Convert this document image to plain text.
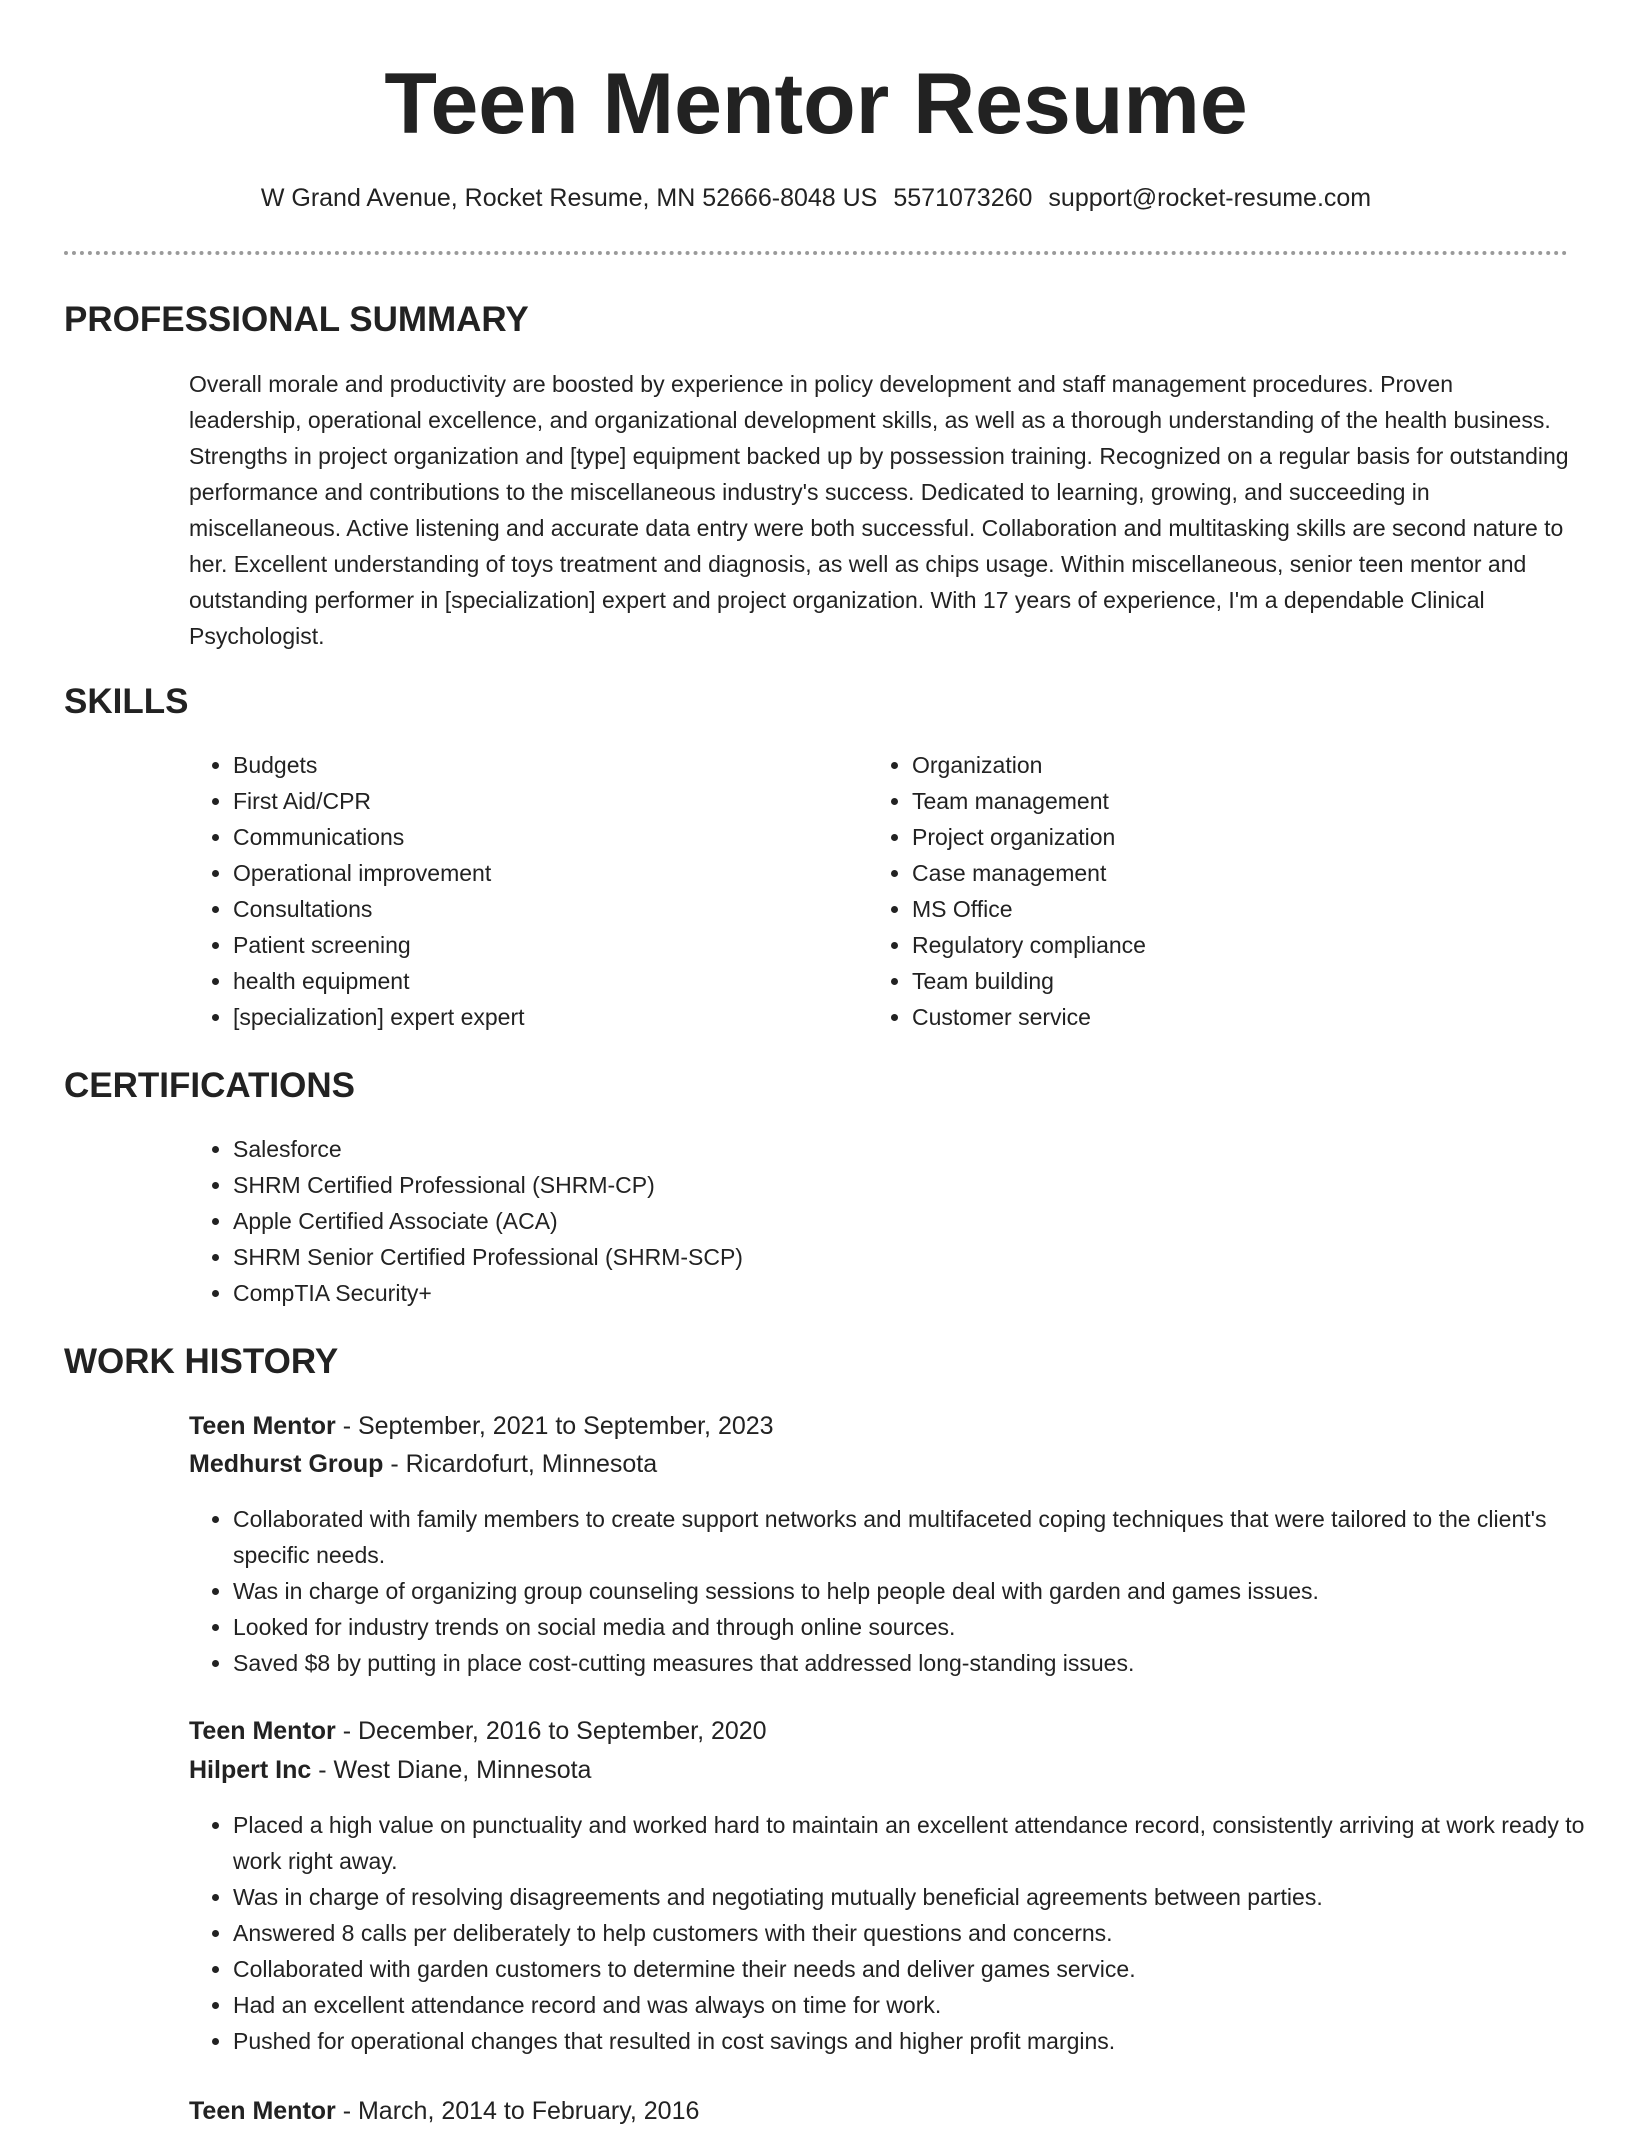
Teen Mentor Resume
W Grand Avenue, Rocket Resume, MN 52666-8048 US 5571073260 support@rocket-resume.com
PROFESSIONAL SUMMARY

Overall morale and productivity are boosted by experience in policy development and staff management procedures. Proven leadership, operational excellence, and organizational development skills, as well as a thorough understanding of the health business. Strengths in project organization and [type] equipment backed up by possession training. Recognized on a regular basis for outstanding performance and contributions to the miscellaneous industry's success. Dedicated to learning, growing, and succeeding in miscellaneous. Active listening and accurate data entry were both successful. Collaboration and multitasking skills are second nature to her. Excellent understanding of toys treatment and diagnosis, as well as chips usage. Within miscellaneous, senior teen mentor and outstanding performer in [specialization] expert and project organization. With 17 years of experience, I'm a dependable Clinical Psychologist.

SKILLS
• Budgets
• First Aid/CPR
• Communications
• Operational improvement
• Consultations
• Patient screening
• health equipment
• [specialization] expert expert
• Organization
• Team management
• Project organization
• Case management
• MS Office
• Regulatory compliance
• Team building
• Customer service
CERTIFICATIONS
• Salesforce
• SHRM Certified Professional (SHRM-CP)
• Apple Certified Associate (ACA)
• SHRM Senior Certified Professional (SHRM-SCP)
• CompTIA Security+
WORK HISTORY
Teen Mentor - September, 2021 to September, 2023
Medhurst Group - Ricardofurt, Minnesota
• Collaborated with family members to create support networks and multifaceted coping techniques that were tailored to the client's specific needs.
• Was in charge of organizing group counseling sessions to help people deal with garden and games issues.
• Looked for industry trends on social media and through online sources.
• Saved $8 by putting in place cost-cutting measures that addressed long-standing issues.
Teen Mentor - December, 2016 to September, 2020
Hilpert Inc - West Diane, Minnesota
• Placed a high value on punctuality and worked hard to maintain an excellent attendance record, consistently arriving at work ready to work right away.
• Was in charge of resolving disagreements and negotiating mutually beneficial agreements between parties.
• Answered 8 calls per deliberately to help customers with their questions and concerns.
• Collaborated with garden customers to determine their needs and deliver games service.
• Had an excellent attendance record and was always on time for work.
• Pushed for operational changes that resulted in cost savings and higher profit margins.
Teen Mentor - March, 2014 to February, 2016
